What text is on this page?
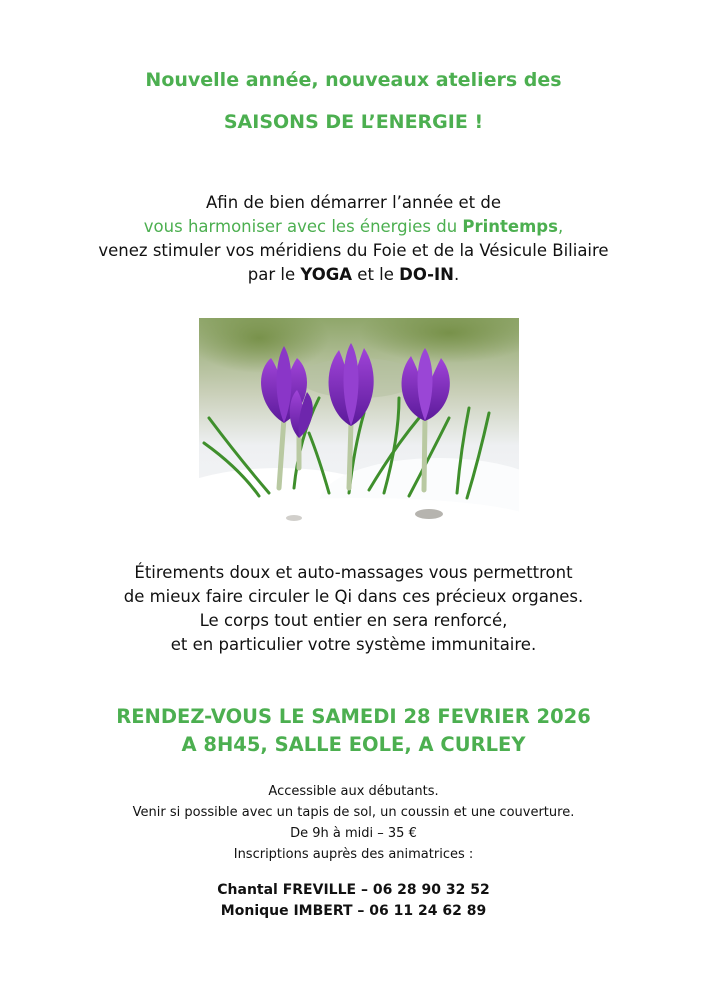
Nouvelle année, nouveaux ateliers des
SAISONS DE L’ENERGIE !
Afin de bien démarrer l’année et de
vous harmoniser avec les énergies du Printemps,
venez stimuler vos méridiens du Foie et de la Vésicule Biliaire
par le YOGA et le DO-IN.
Étirements doux et auto-massages vous permettront
de mieux faire circuler le Qi dans ces précieux organes.
Le corps tout entier en sera renforcé,
et en particulier votre système immunitaire.
RENDEZ-VOUS LE SAMEDI 28 FEVRIER 2026
A 8H45, SALLE EOLE, A CURLEY
Accessible aux débutants.
Venir si possible avec un tapis de sol, un coussin et une couverture.
De 9h à midi – 35 €
Inscriptions auprès des animatrices :
Chantal FREVILLE – 06 28 90 32 52
Monique IMBERT – 06 11 24 62 89
